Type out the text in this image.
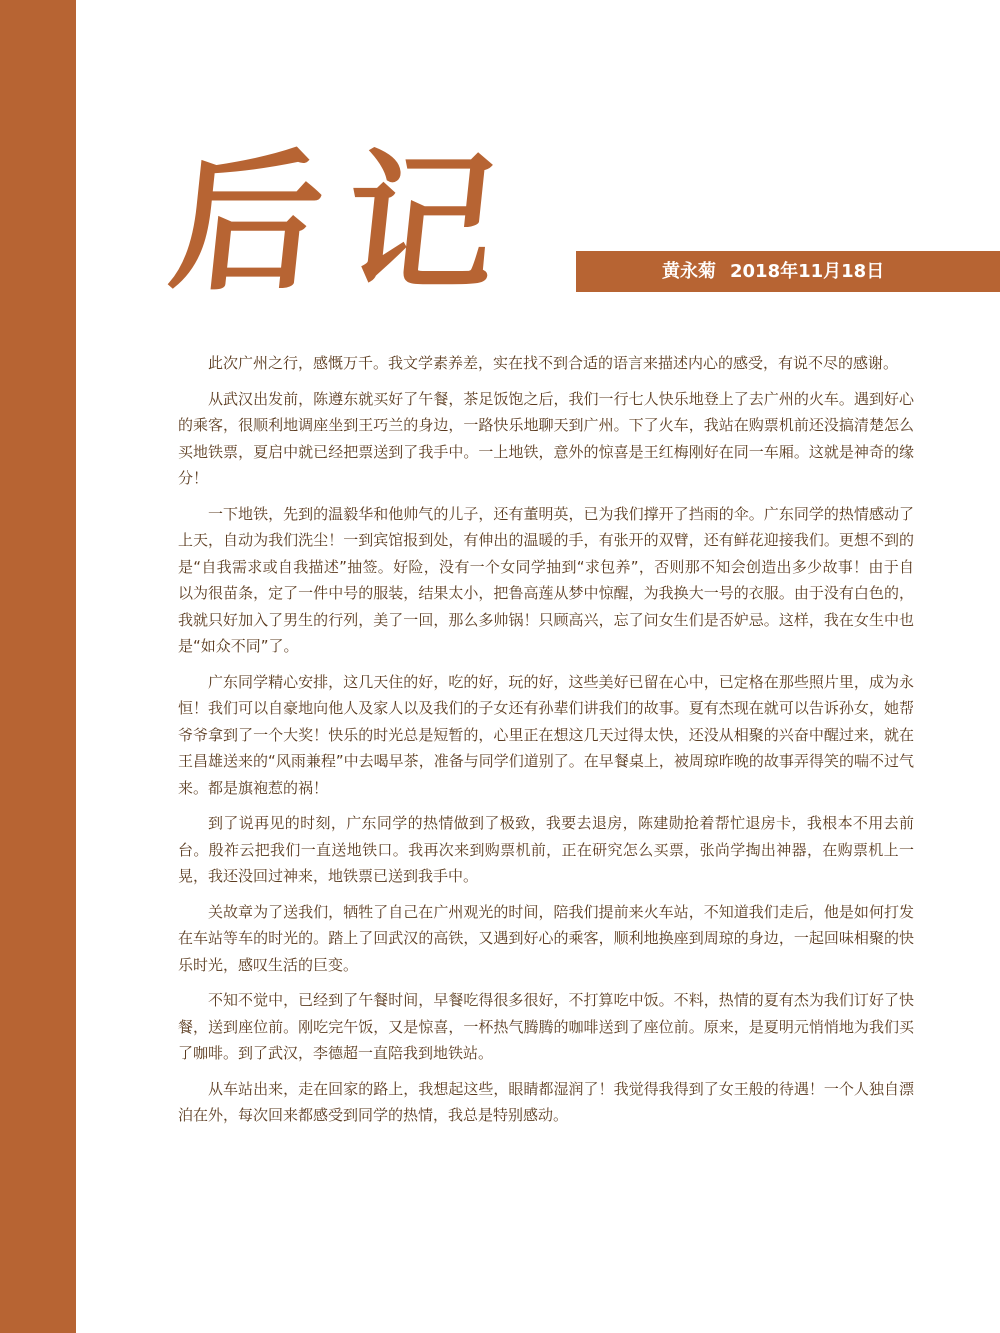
后记	黄永菊 2018年11月18日

此次广州之行，感慨万千。我文学素养差，实在找不到合适的语言来描述内心的感受，有说不尽的感谢。

从武汉出发前，陈遵东就买好了午餐，茶足饭饱之后，我们一行七人快乐地登上了去广州的火车。遇到好心的乘客，很顺利地调座坐到王巧兰的身边，一路快乐地聊天到广州。下了火车，我站在购票机前还没搞清楚怎么买地铁票，夏启中就已经把票送到了我手中。一上地铁，意外的惊喜是王红梅刚好在同一车厢。这就是神奇的缘分！

一下地铁，先到的温毅华和他帅气的儿子，还有董明英，已为我们撑开了挡雨的伞。广东同学的热情感动了上天，自动为我们洗尘！一到宾馆报到处，有伸出的温暖的手，有张开的双臂，还有鲜花迎接我们。更想不到的是“自我需求或自我描述”抽签。好险，没有一个女同学抽到“求包养”，否则那不知会创造出多少故事！由于自以为很苗条，定了一件中号的服装，结果太小，把鲁高莲从梦中惊醒，为我换大一号的衣服。由于没有白色的，我就只好加入了男生的行列，美了一回，那么多帅锅！只顾高兴，忘了问女生们是否妒忌。这样，我在女生中也是“如众不同”了。

广东同学精心安排，这几天住的好，吃的好，玩的好，这些美好已留在心中，已定格在那些照片里，成为永恒！我们可以自豪地向他人及家人以及我们的子女还有孙辈们讲我们的故事。夏有杰现在就可以告诉孙女，她帮爷爷拿到了一个大奖！快乐的时光总是短暂的，心里正在想这几天过得太快，还没从相聚的兴奋中醒过来，就在王昌雄送来的“风雨兼程”中去喝早茶，准备与同学们道别了。在早餐桌上，被周琼昨晚的故事弄得笑的喘不过气来。都是旗袍惹的祸！

到了说再见的时刻，广东同学的热情做到了极致，我要去退房，陈建勋抢着帮忙退房卡，我根本不用去前台。殷祚云把我们一直送地铁口。我再次来到购票机前，正在研究怎么买票，张尚学掏出神器，在购票机上一晃，我还没回过神来，地铁票已送到我手中。

关故章为了送我们，牺牲了自己在广州观光的时间，陪我们提前来火车站，不知道我们走后，他是如何打发在车站等车的时光的。踏上了回武汉的高铁，又遇到好心的乘客，顺利地换座到周琼的身边，一起回味相聚的快乐时光，感叹生活的巨变。

不知不觉中，已经到了午餐时间，早餐吃得很多很好，不打算吃中饭。不料，热情的夏有杰为我们订好了快餐，送到座位前。刚吃完午饭，又是惊喜，一杯热气腾腾的咖啡送到了座位前。原来，是夏明元悄悄地为我们买了咖啡。到了武汉，李德超一直陪我到地铁站。

从车站出来，走在回家的路上，我想起这些，眼睛都湿润了！我觉得我得到了女王般的待遇！一个人独自漂泊在外，每次回来都感受到同学的热情，我总是特别感动。
